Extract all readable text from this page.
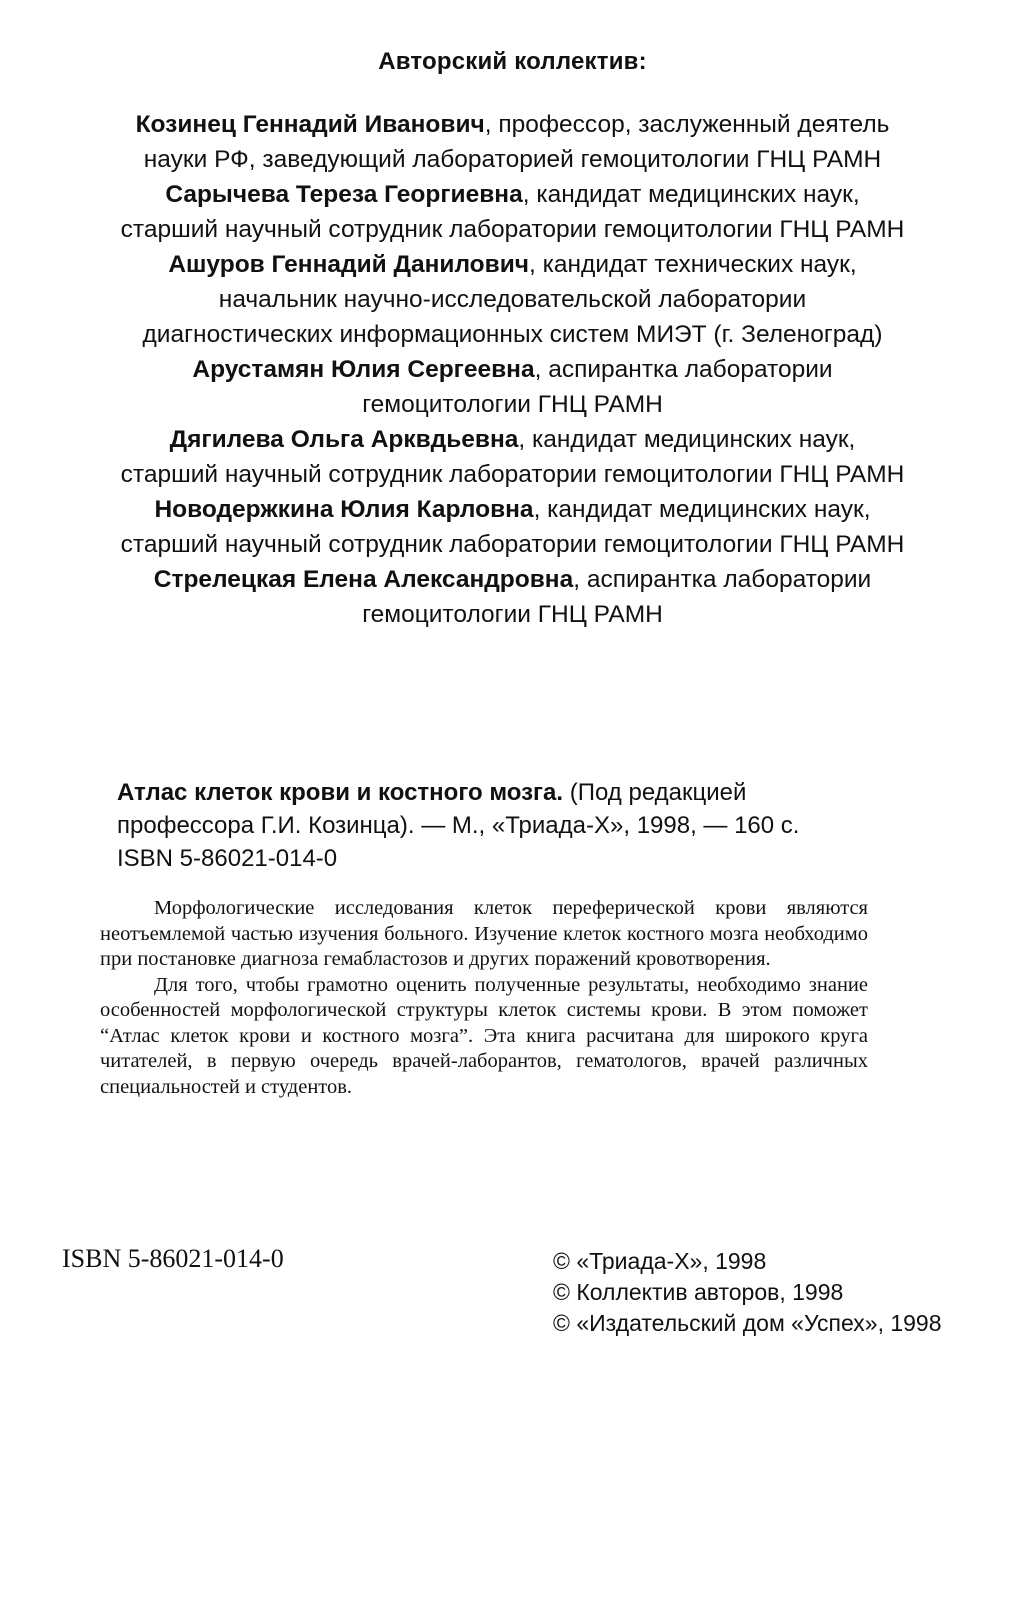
Авторский коллектив:
Козинец Геннадий Иванович, профессор, заслуженный деятель
науки РФ, заведующий лабораторией гемоцитологии ГНЦ РАМН
Сарычева Тереза Георгиевна, кандидат медицинских наук,
старший научный сотрудник лаборатории гемоцитологии ГНЦ РАМН
Ашуров Геннадий Данилович, кандидат технических наук,
начальник научно-исследовательской лаборатории
диагностических информационных систем МИЭТ (г. Зеленоград)
Арустамян Юлия Сергеевна, аспирантка лаборатории
гемоцитологии ГНЦ РАМН
Дягилева Ольга Арквдьевна, кандидат медицинских наук,
старший научный сотрудник лаборатории гемоцитологии ГНЦ РАМН
Новодержкина Юлия Карловна, кандидат медицинских наук,
старший научный сотрудник лаборатории гемоцитологии ГНЦ РАМН
Стрелецкая Елена Александровна, аспирантка лаборатории
гемоцитологии ГНЦ РАМН
Атлас клеток крови и костного мозга. (Под редакцией
профессора Г.И. Козинца). — М., «Триада-Х», 1998, — 160 с.
ISBN 5-86021-014-0

Морфологические исследования клеток переферической крови являются неотъемлемой частью изучения больного. Изучение клеток костного мозга необходимо при постановке диагноза гемабластозов и других поражений кровотворения.

Для того, чтобы грамотно оценить полученные результаты, необходимо знание особенностей морфологической структуры клеток системы крови. В этом поможет “Атлас клеток крови и костного мозга”. Эта книга расчитана для широкого круга читателей, в первую очередь врачей-лаборантов, гематологов, врачей различных специальностей и студентов.

ISBN 5-86021-014-0	© «Триада-Х», 1998
© Коллектив авторов, 1998
© «Издательский дом «Успех», 1998
